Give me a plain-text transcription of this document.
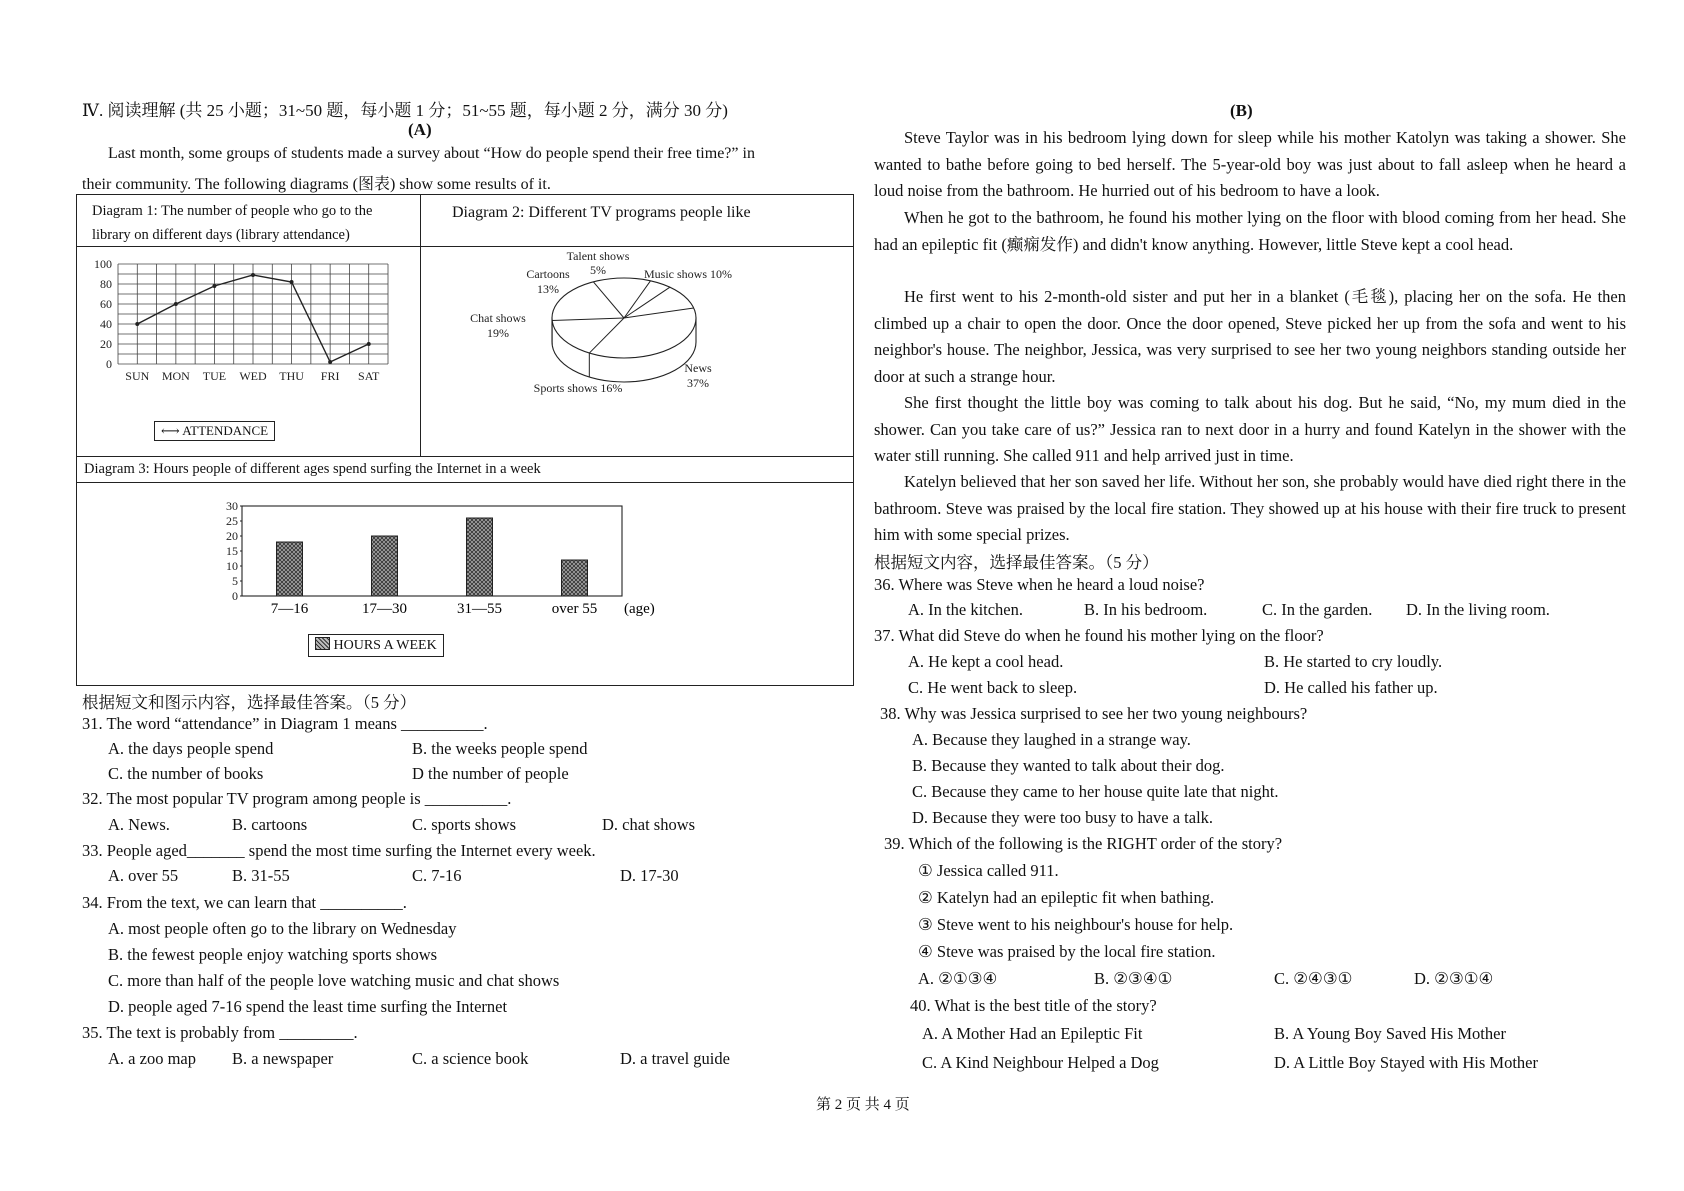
Ⅳ. 阅读理解 (共 25 小题；31~50 题，每小题 1 分；51~55 题，每小题 2 分，满分 30 分)
(A)
Last month, some groups of students made a survey about “How do people spend their free time?” in
their community. The following diagrams (图表) show some results of it.
Diagram 1: The number of people who go to the
library on different days (library attendance)
Diagram 2: Different TV programs people like
0
20
40
60
80
100
SUN MON TUE WED THU FRI SAT
⟷ ATTENDANCE
News
37%
Sports shows 16%
Chat shows
19%
Cartoons
13%
Talent shows
5%	Music shows 10%
Diagram 3: Hours people of different ages spend surfing the Internet in a week
0
5
10
15
20
25
30
7—16	17—30	31—55	over 55 (age)
HOURS A WEEK
根据短文和图示内容，选择最佳答案。（5 分）
31. The word “attendance” in Diagram 1 means __________.
A. the days people spend	B. the weeks people spend
C. the number of books	D the number of people
32. The most popular TV program among people is __________.
A. News.	B. cartoons	C. sports shows	D. chat shows
33. People aged_______ spend the most time surfing the Internet every week.
A. over 55	B. 31-55	C. 7-16	D. 17-30
34. From the text, we can learn that __________.
A. most people often go to the library on Wednesday
B. the fewest people enjoy watching sports shows
C. more than half of the people love watching music and chat shows
D. people aged 7-16 spend the least time surfing the Internet
35. The text is probably from _________.
A. a zoo map B. a newspaper	C. a science book	D. a travel guide
(B)
Steve Taylor was in his bedroom lying down for sleep while his mother Katolyn was taking a shower. She wanted to bathe before going to bed herself. The 5-year-old boy was just about to fall asleep when he heard a loud noise from the bathroom. He hurried out of his bedroom to have a look.
When he got to the bathroom, he found his mother lying on the floor with blood coming from her head. She had an epileptic fit (癫痫发作) and didn't know anything. However, little Steve kept a cool head.
He first went to his 2-month-old sister and put her in a blanket (毛毯), placing her on the sofa. He then climbed up a chair to open the door. Once the door opened, Steve picked her up from the sofa and went to his neighbor's house. The neighbor, Jessica, was very surprised to see her two young neighbors standing outside her door at such a strange hour.
She first thought the little boy was coming to talk about his dog. But he said, “No, my mum died in the shower. Can you take care of us?” Jessica ran to next door in a hurry and found Katelyn in the shower with the water still running. She called 911 and help arrived just in time.
Katelyn believed that her son saved her life. Without her son, she probably would have died right there in the bathroom. Steve was praised by the local fire station. They showed up at his house with their fire truck to present him with some special prizes.
根据短文内容，选择最佳答案。（5 分）
36. Where was Steve when he heard a loud noise?
A. In the kitchen.	B. In his bedroom.	C. In the garden. D. In the living room.
37. What did Steve do when he found his mother lying on the floor?
A. He kept a cool head.	B. He started to cry loudly.
C. He went back to sleep.	D. He called his father up.
38. Why was Jessica surprised to see her two young neighbours?
A. Because they laughed in a strange way.
B. Because they wanted to talk about their dog.
C. Because they came to her house quite late that night.
D. Because they were too busy to have a talk.
39. Which of the following is the RIGHT order of the story?
① Jessica called 911.
② Katelyn had an epileptic fit when bathing.
③ Steve went to his neighbour's house for help.
④ Steve was praised by the local fire station.
A. ②①③④	B. ②③④①	C. ②④③①	D. ②③①④
40. What is the best title of the story?
A. A Mother Had an Epileptic Fit	B. A Young Boy Saved His Mother
C. A Kind Neighbour Helped a Dog	D. A Little Boy Stayed with His Mother
第 2 页 共 4 页
